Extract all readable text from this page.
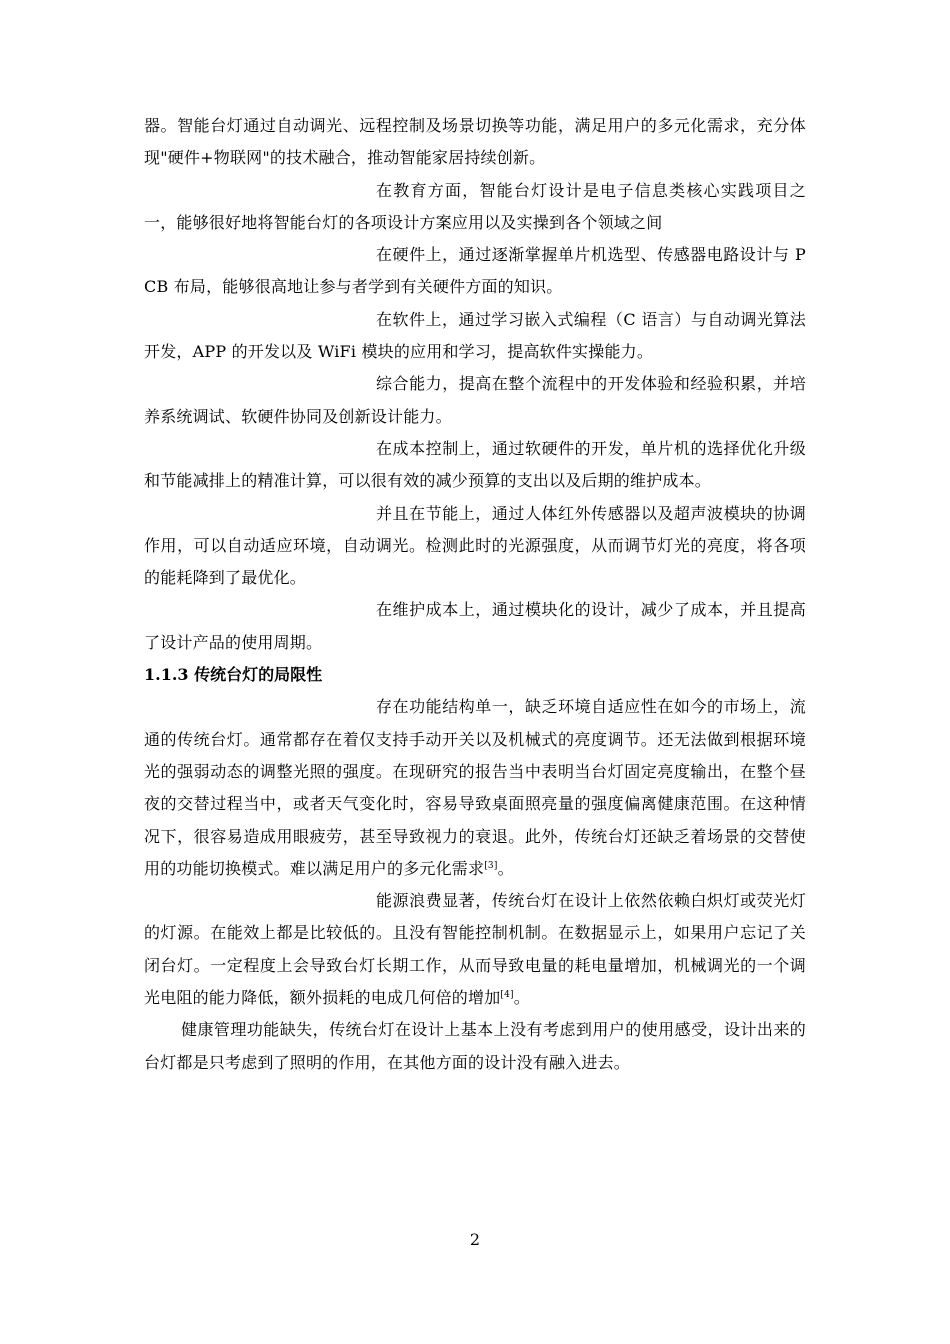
器。智能台灯通过自动调光、远程控制及场景切换等功能，满足用户的多元化需求，充分体现"硬件+物联网"的技术融合，推动智能家居持续创新。

在教育方面，智能台灯设计是电子信息类核心实践项目之一，能够很好地将智能台灯的各项设计方案应用以及实操到各个领域之间

在硬件上，通过逐渐掌握单片机选型、传感器电路设计与 PCB 布局，能够很高地让参与者学到有关硬件方面的知识。

在软件上，通过学习嵌入式编程（C 语言）与自动调光算法开发，APP 的开发以及 WiFi 模块的应用和学习，提高软件实操能力。

综合能力，提高在整个流程中的开发体验和经验积累，并培养系统调试、软硬件协同及创新设计能力。

在成本控制上，通过软硬件的开发，单片机的选择优化升级和节能减排上的精准计算，可以很有效的减少预算的支出以及后期的维护成本。

并且在节能上，通过人体红外传感器以及超声波模块的协调作用，可以自动适应环境，自动调光。检测此时的光源强度，从而调节灯光的亮度，将各项的能耗降到了最优化。

在维护成本上，通过模块化的设计，减少了成本，并且提高了设计产品的使用周期。

1.1.3 传统台灯的局限性

存在功能结构单一，缺乏环境自适应性在如今的市场上，流通的传统台灯。通常都存在着仅支持手动开关以及机械式的亮度调节。还无法做到根据环境光的强弱动态的调整光照的强度。在现研究的报告当中表明当台灯固定亮度输出，在整个昼夜的交替过程当中，或者天气变化时，容易导致桌面照亮量的强度偏离健康范围。在这种情况下，很容易造成用眼疲劳，甚至导致视力的衰退。此外，传统台灯还缺乏着场景的交替使用的功能切换模式。难以满足用户的多元化需求[3]。

能源浪费显著，传统台灯在设计上依然依赖白炽灯或荧光灯的灯源。在能效上都是比较低的。且没有智能控制机制。在数据显示上，如果用户忘记了关闭台灯。一定程度上会导致台灯长期工作，从而导致电量的耗电量增加，机械调光的一个调光电阻的能力降低，额外损耗的电成几何倍的增加[4]。

健康管理功能缺失，传统台灯在设计上基本上没有考虑到用户的使用感受，设计出来的台灯都是只考虑到了照明的作用，在其他方面的设计没有融入进去。

2
